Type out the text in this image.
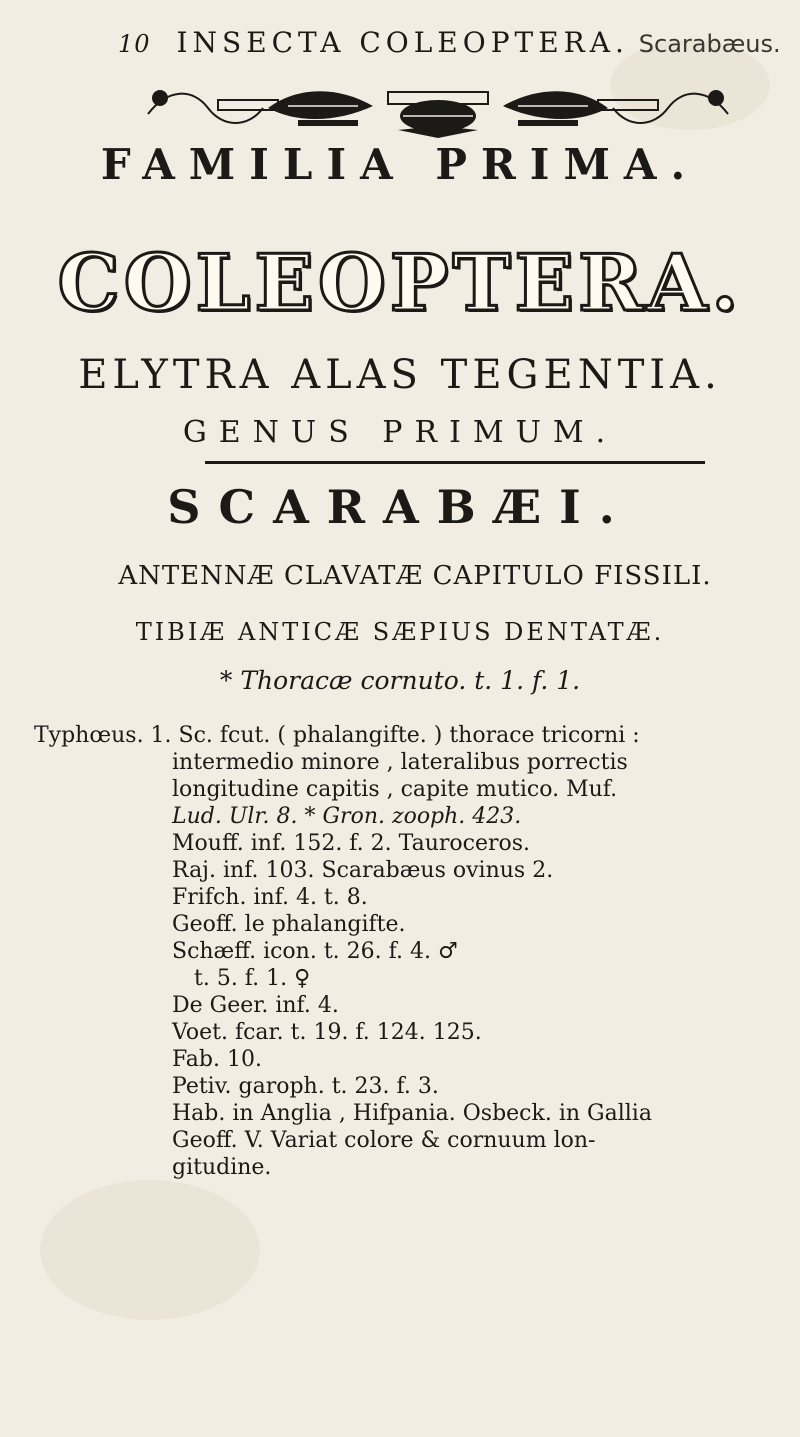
10 INSECTA COLEOPTERA. Scarabæus.
FAMILIA PRIMA.
COLEOPTERA.
ELYTRA ALAS TEGENTIA.
GENUS PRIMUM.
SCARABÆI.
ANTENNÆ CLAVATÆ CAPITULO FISSILI.
TIBIÆ ANTICÆ SÆPIUS DENTATÆ.
* Thoracæ cornuto. t. 1. f. 1.
Typhœus. 1. Sc. fcut. ( phalangifte. ) thorace tricorni :
intermedio minore , lateralibus porrectis
longitudine capitis , capite mutico. Muf.
Lud. Ulr. 8. * Gron. zooph. 423.
Mouff. inf. 152. f. 2. Tauroceros.
Raj. inf. 103. Scarabæus ovinus 2.
Frifch. inf. 4. t. 8.
Geoff. le phalangifte.
Schæff. icon. t. 26. f. 4. ♂
t. 5. f. 1. ♀
De Geer. inf. 4.
Voet. fcar. t. 19. f. 124. 125.
Fab. 10.
Petiv. garoph. t. 23. f. 3.
Hab. in Anglia , Hifpania. Osbeck. in Gallia
Geoff. V. Variat colore & cornuum lon-
gitudine.
